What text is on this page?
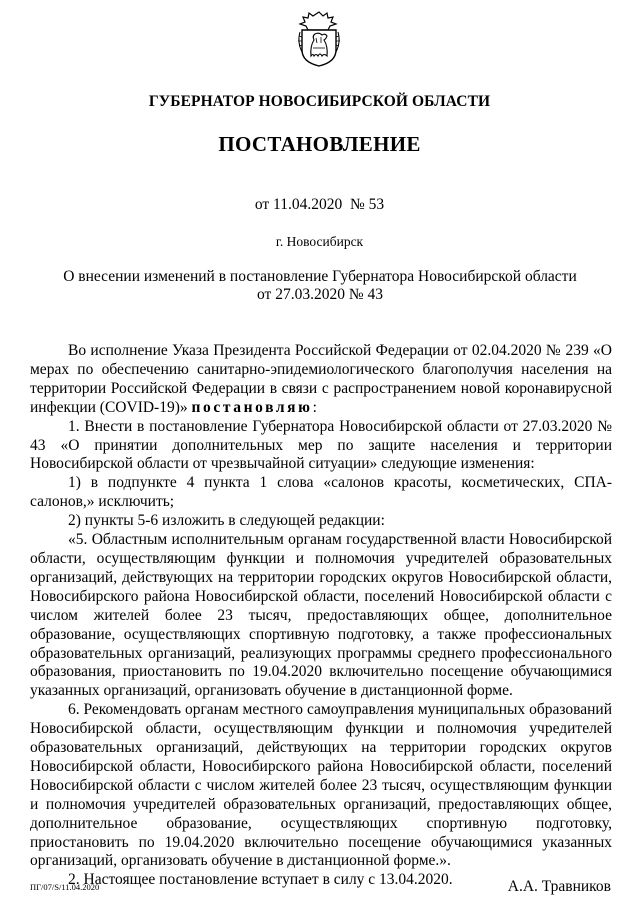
ГУБЕРНАТОР НОВОСИБИРСКОЙ ОБЛАСТИ
ПОСТАНОВЛЕНИЕ
от 11.04.2020  № 53
г. Новосибирск
О внесении изменений в постановление Губернатора Новосибирской области
от 27.03.2020 № 43

Во исполнение Указа Президента Российской Федерации от 02.04.2020 № 239 «О мерах по обеспечению санитарно-эпидемиологического благополучия населения на территории Российской Федерации в связи с распространением новой коронавирусной инфекции (COVID-19)» постановляю:

1. Внести в постановление Губернатора Новосибирской области от 27.03.2020 № 43 «О принятии дополнительных мер по защите населения и территории Новосибирской области от чрезвычайной ситуации» следующие изменения:

1) в подпункте 4 пункта 1 слова «салонов красоты, косметических, СПА-салонов,» исключить;

2) пункты 5-6 изложить в следующей редакции:

«5. Областным исполнительным органам государственной власти Новосибирской области, осуществляющим функции и полномочия учредителей образовательных организаций, действующих на территории городских округов Новосибирской области, Новосибирского района Новосибирской области, поселений Новосибирской области с числом жителей более 23 тысяч, предоставляющих общее, дополнительное образование, осуществляющих спортивную подготовку, а также профессиональных образовательных организаций, реализующих программы среднего профессионального образования, приостановить по 19.04.2020 включительно посещение обучающимися указанных организаций, организовать обучение в дистанционной форме.

6. Рекомендовать органам местного самоуправления муниципальных образований Новосибирской области, осуществляющим функции и полномочия учредителей образовательных организаций, действующих на территории городских округов Новосибирской области, Новосибирского района Новосибирской области, поселений Новосибирской области с числом жителей более 23 тысяч, осуществляющим функции и полномочия учредителей образовательных организаций, предоставляющих общее, дополнительное образование, осуществляющих спортивную подготовку, приостановить по 19.04.2020 включительно посещение обучающимися указанных организаций, организовать обучение в дистанционной форме.».

2. Настоящее постановление вступает в силу с 13.04.2020.

ПГ/07/S/11.04.2020	А.А. Травников
